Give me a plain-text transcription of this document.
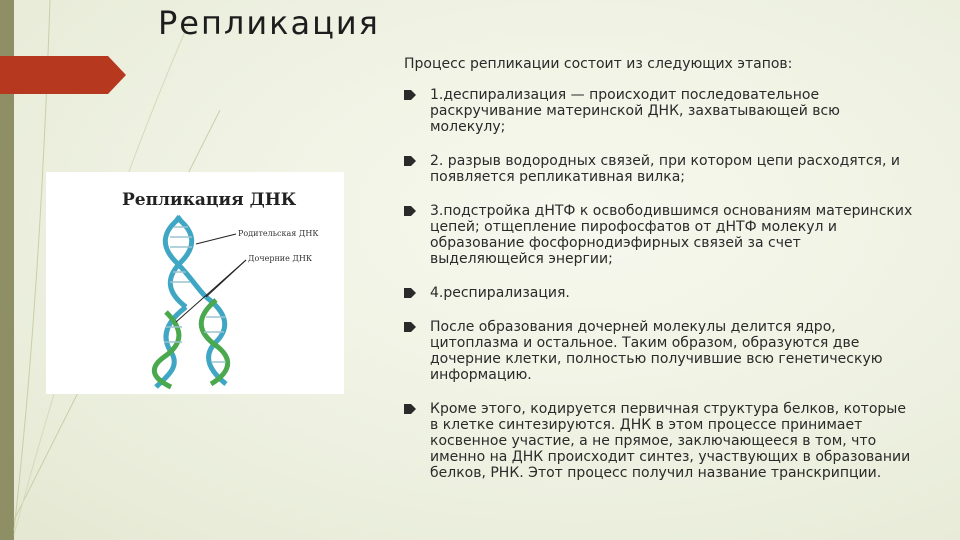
Репликация
Репликация ДНК
Родительская ДНК
Дочерние ДНК

Процесс репликации состоит из следующих этапов:

1.деспирализация — происходит последовательное раскручивание материнской ДНК, захватывающей всю молекулу;
2. разрыв водородных связей, при котором цепи расходятся, и появляется репликативная вилка;
3.подстройка дНТФ к освободившимся основаниям материнских цепей; отщепление пирофосфатов от дНТФ молекул и образование фосфорнодиэфирных связей за счет выделяющейся энергии;
4.респирализация.
После образования дочерней молекулы делится ядро, цитоплазма и остальное. Таким образом, образуются две дочерние клетки, полностью получившие всю генетическую информацию.
Кроме этого, кодируется первичная структура белков, которые в клетке синтезируются. ДНК в этом процессе принимает косвенное участие, а не прямое, заключающееся в том, что именно на ДНК происходит синтез, участвующих в образовании белков, РНК. Этот процесс получил название транскрипции.
